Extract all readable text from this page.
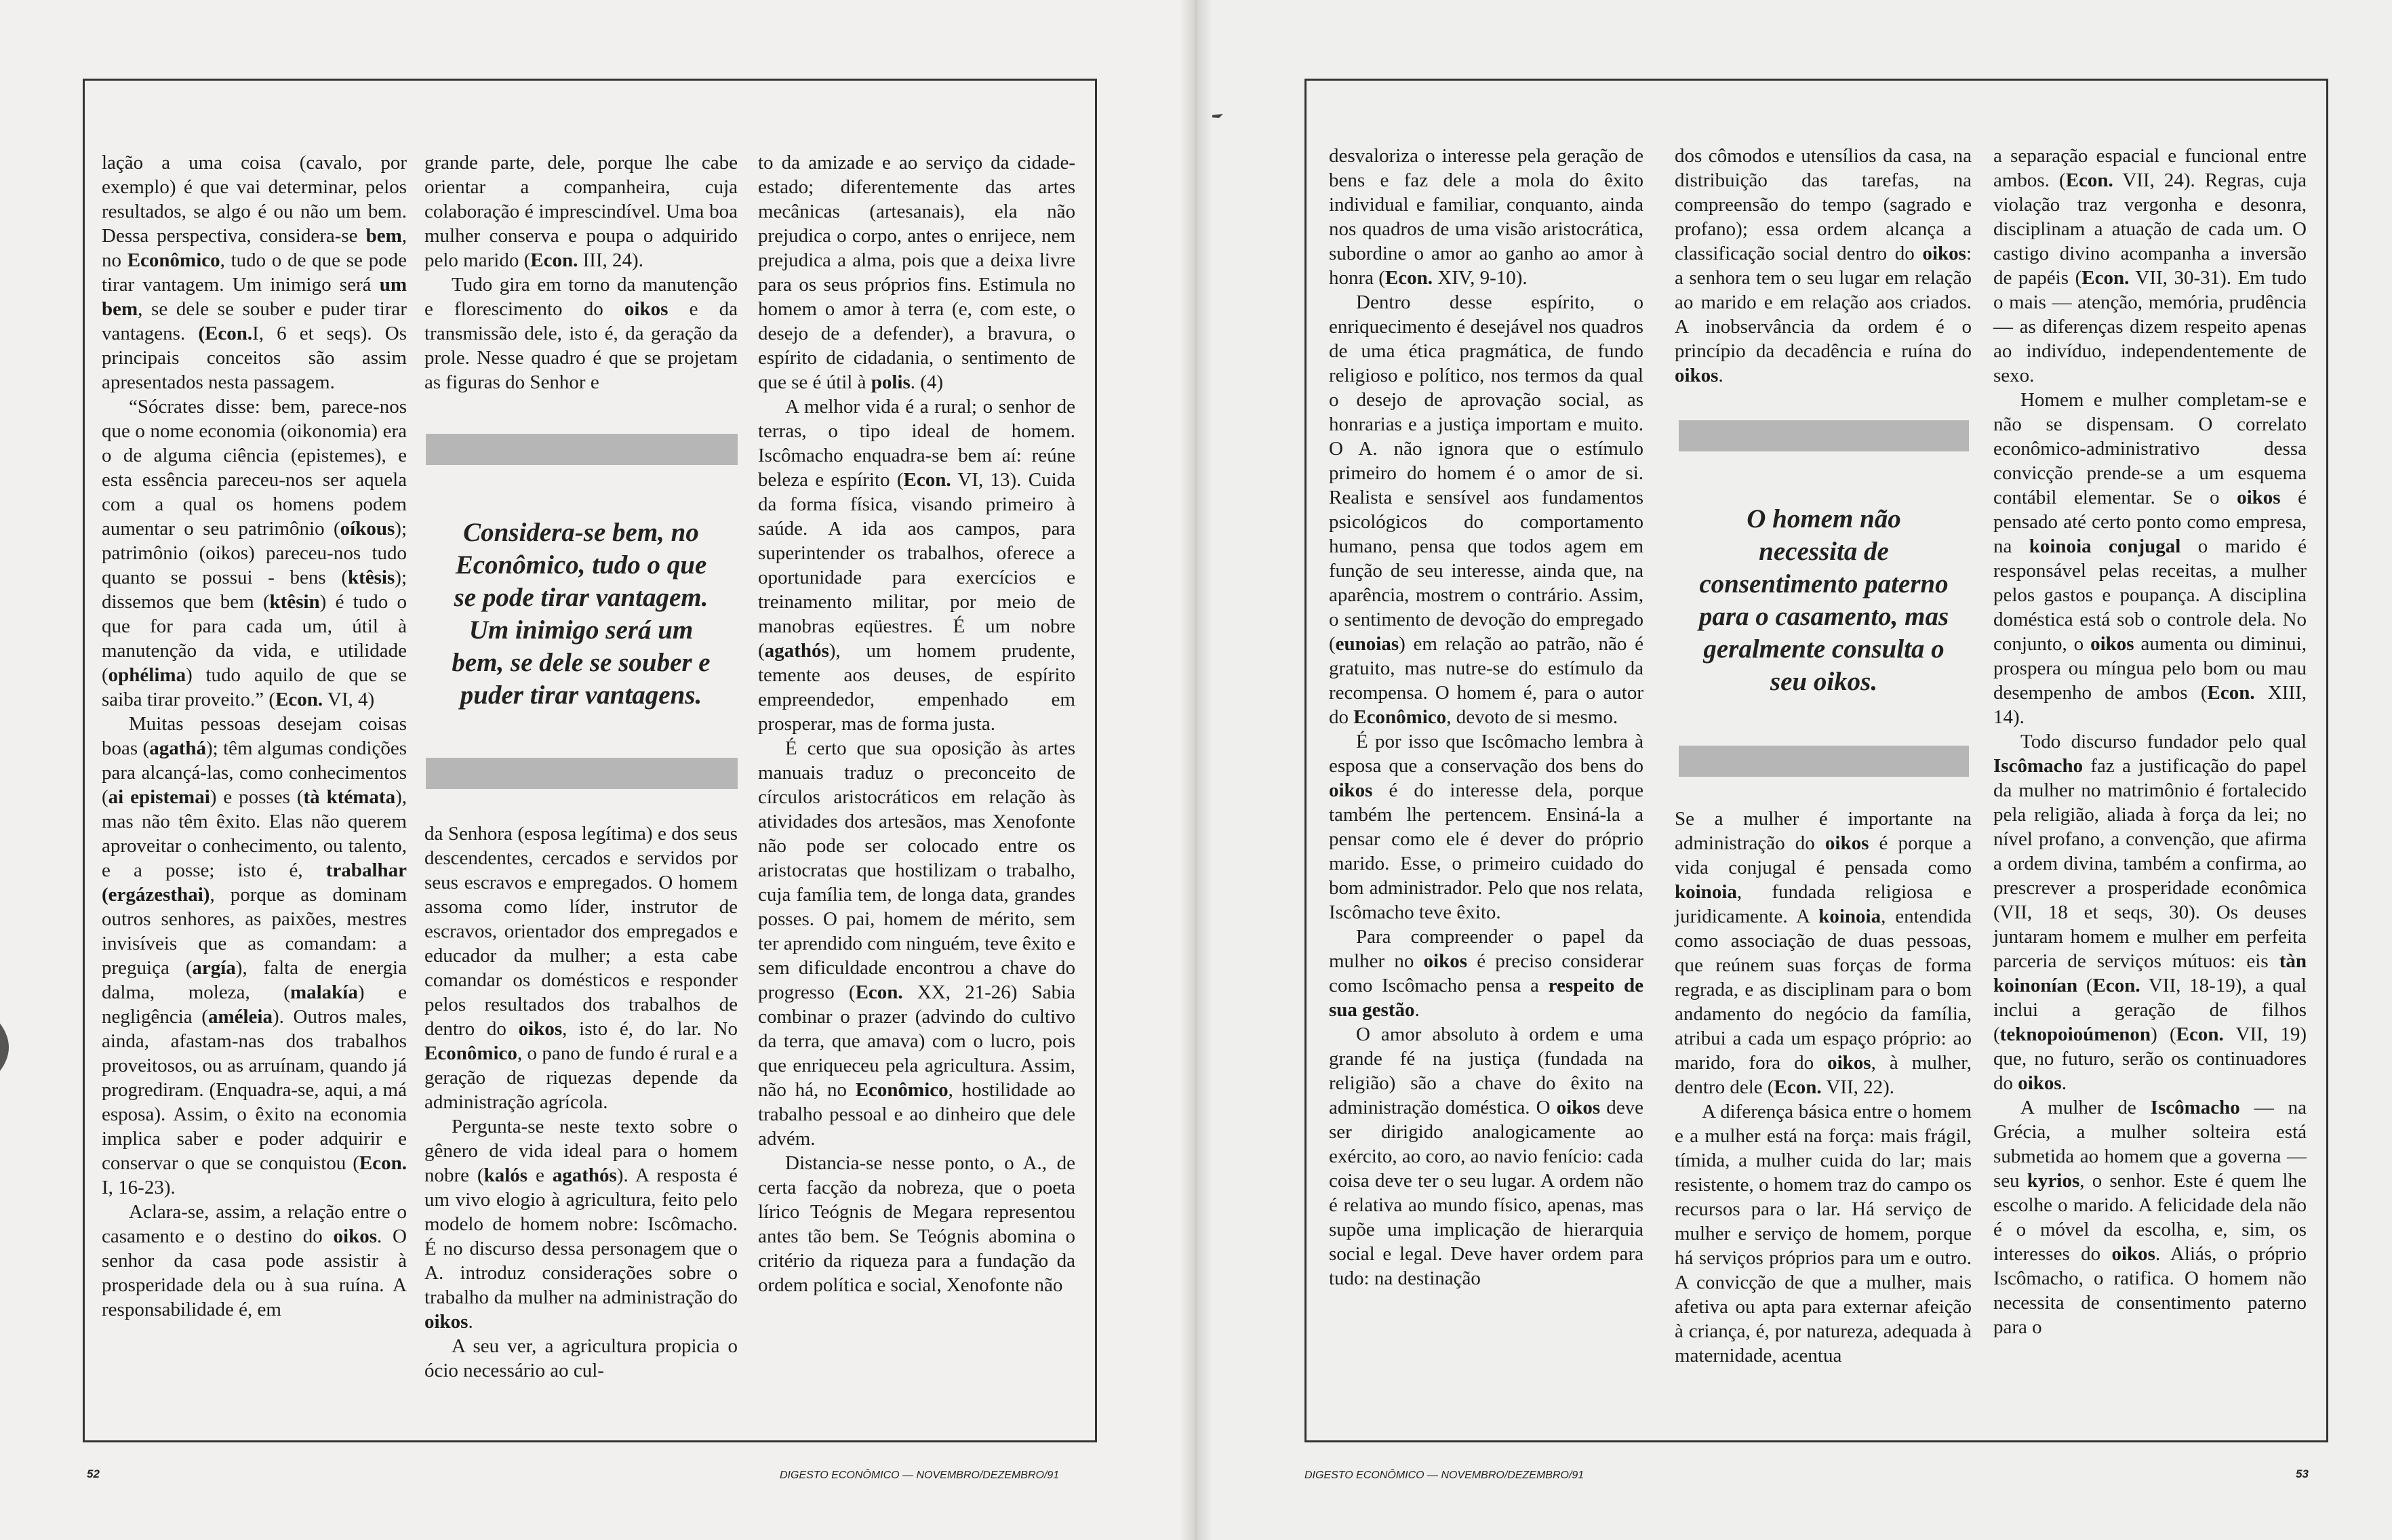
lação a uma coisa (cavalo, por exemplo) é que vai determinar, pelos resultados, se algo é ou não um bem. Dessa perspectiva, considera-se bem, no Econômico, tudo o de que se pode tirar vantagem. Um inimigo será um bem, se dele se souber e puder tirar vantagens. (Econ.I, 6 et seqs). Os principais conceitos são assim apresentados nesta passagem.

“Sócrates disse: bem, parece-nos que o nome economia (oikonomia) era o de alguma ciência (epistemes), e esta essência pareceu-nos ser aquela com a qual os homens podem aumentar o seu patrimônio (oíkous); patrimônio (oikos) pareceu-nos tudo quanto se possui - bens (ktêsis); dissemos que bem (ktêsin) é tudo o que for para cada um, útil à manutenção da vida, e utilidade (ophélima) tudo aquilo de que se saiba tirar proveito.” (Econ. VI, 4)

Muitas pessoas desejam coisas boas (agathá); têm algumas condições para alcançá-las, como conhecimentos (ai epistemai) e posses (tà ktémata), mas não têm êxito. Elas não querem aproveitar o conhecimento, ou talento, e a posse; isto é, trabalhar (ergázesthai), porque as dominam outros senhores, as paixões, mestres invisíveis que as comandam: a preguiça (argía), falta de energia dalma, moleza, (malakía) e negligência (améleia). Outros males, ainda, afastam-nas dos trabalhos proveitosos, ou as arruínam, quando já progrediram. (Enquadra-se, aqui, a má esposa). Assim, o êxito na economia implica saber e poder adquirir e conservar o que se conquistou (Econ. I, 16-23).

Aclara-se, assim, a relação entre o casamento e o destino do oikos. O senhor da casa pode assistir à prosperidade dela ou à sua ruína. A responsabilidade é, em

grande parte, dele, porque lhe cabe orientar a companheira, cuja colaboração é imprescindível. Uma boa mulher conserva e poupa o adquirido pelo marido (Econ. III, 24).

Tudo gira em torno da manutenção e florescimento do oikos e da transmissão dele, isto é, da geração da prole. Nesse quadro é que se projetam as figuras do Senhor e

Considera-se bem, no Econômico, tudo o que se pode tirar vantagem. Um inimigo será um bem, se dele se souber e puder tirar vantagens.

da Senhora (esposa legítima) e dos seus descendentes, cercados e servidos por seus escravos e empregados. O homem assoma como líder, instrutor de escravos, orientador dos empregados e educador da mulher; a esta cabe comandar os domésticos e responder pelos resultados dos trabalhos de dentro do oikos, isto é, do lar. No Econômico, o pano de fundo é rural e a geração de riquezas depende da administração agrícola.

Pergunta-se neste texto sobre o gênero de vida ideal para o homem nobre (kalós e agathós). A resposta é um vivo elogio à agricultura, feito pelo modelo de homem nobre: Iscômacho. É no discurso dessa personagem que o A. introduz considerações sobre o trabalho da mulher na administração do oikos.

A seu ver, a agricultura propicia o ócio necessário ao cul-

to da amizade e ao serviço da cidade-estado; diferentemente das artes mecânicas (artesanais), ela não prejudica o corpo, antes o enrijece, nem prejudica a alma, pois que a deixa livre para os seus próprios fins. Estimula no homem o amor à terra (e, com este, o desejo de a defender), a bravura, o espírito de cidadania, o sentimento de que se é útil à polis. (4)

A melhor vida é a rural; o senhor de terras, o tipo ideal de homem. Iscômacho enquadra-se bem aí: reúne beleza e espírito (Econ. VI, 13). Cuida da forma física, visando primeiro à saúde. A ida aos campos, para superintender os trabalhos, oferece a oportunidade para exercícios e treinamento militar, por meio de manobras eqüestres. É um nobre (agathós), um homem prudente, temente aos deuses, de espírito empreendedor, empenhado em prosperar, mas de forma justa.

É certo que sua oposição às artes manuais traduz o preconceito de círculos aristocráticos em relação às atividades dos artesãos, mas Xenofonte não pode ser colocado entre os aristocratas que hostilizam o trabalho, cuja família tem, de longa data, grandes posses. O pai, homem de mérito, sem ter aprendido com ninguém, teve êxito e sem dificuldade encontrou a chave do progresso (Econ. XX, 21-26) Sabia combinar o prazer (advindo do cultivo da terra, que amava) com o lucro, pois que enriqueceu pela agricultura. Assim, não há, no Econômico, hostilidade ao trabalho pessoal e ao dinheiro que dele advém.

Distancia-se nesse ponto, o A., de certa facção da nobreza, que o poeta lírico Teógnis de Megara representou antes tão bem. Se Teógnis abomina o critério da riqueza para a fundação da ordem política e social, Xenofonte não

52	DIGESTO ECONÔMICO — NOVEMBRO/DEZEMBRO/91

desvaloriza o interesse pela geração de bens e faz dele a mola do êxito individual e familiar, conquanto, ainda nos quadros de uma visão aristocrática, subordine o amor ao ganho ao amor à honra (Econ. XIV, 9-10).

Dentro desse espírito, o enriquecimento é desejável nos quadros de uma ética pragmática, de fundo religioso e político, nos termos da qual o desejo de aprovação social, as honrarias e a justiça importam e muito. O A. não ignora que o estímulo primeiro do homem é o amor de si. Realista e sensível aos fundamentos psicológicos do comportamento humano, pensa que todos agem em função de seu interesse, ainda que, na aparência, mostrem o contrário. Assim, o sentimento de devoção do empregado (eunoias) em relação ao patrão, não é gratuito, mas nutre-se do estímulo da recompensa. O homem é, para o autor do Econômico, devoto de si mesmo.

É por isso que Iscômacho lembra à esposa que a conservação dos bens do oikos é do interesse dela, porque também lhe pertencem. Ensiná-la a pensar como ele é dever do próprio marido. Esse, o primeiro cuidado do bom administrador. Pelo que nos relata, Iscômacho teve êxito.

Para compreender o papel da mulher no oikos é preciso considerar como Iscômacho pensa a respeito de sua gestão.

O amor absoluto à ordem e uma grande fé na justiça (fundada na religião) são a chave do êxito na administração doméstica. O oikos deve ser dirigido analogicamente ao exército, ao coro, ao navio fenício: cada coisa deve ter o seu lugar. A ordem não é relativa ao mundo físico, apenas, mas supõe uma implicação de hierarquia social e legal. Deve haver ordem para tudo: na destinação

dos cômodos e utensílios da casa, na distribuição das tarefas, na compreensão do tempo (sagrado e profano); essa ordem alcança a classificação social dentro do oikos: a senhora tem o seu lugar em relação ao marido e em relação aos criados. A inobservância da ordem é o princípio da decadência e ruína do oikos.

O homem não necessita de consentimento paterno para o casamento, mas geralmente consulta o seu oikos.

Se a mulher é importante na administração do oikos é porque a vida conjugal é pensada como koinoia, fundada religiosa e juridicamente. A koinoia, entendida como associação de duas pessoas, que reúnem suas forças de forma regrada, e as disciplinam para o bom andamento do negócio da família, atribui a cada um espaço próprio: ao marido, fora do oikos, à mulher, dentro dele (Econ. VII, 22).

A diferença básica entre o homem e a mulher está na força: mais frágil, tímida, a mulher cuida do lar; mais resistente, o homem traz do campo os recursos para o lar. Há serviço de mulher e serviço de homem, porque há serviços próprios para um e outro. A convicção de que a mulher, mais afetiva ou apta para externar afeição à criança, é, por natureza, adequada à maternidade, acentua

a separação espacial e funcional entre ambos. (Econ. VII, 24). Regras, cuja violação traz vergonha e desonra, disciplinam a atuação de cada um. O castigo divino acompanha a inversão de papéis (Econ. VII, 30-31). Em tudo o mais — atenção, memória, prudência — as diferenças dizem respeito apenas ao indivíduo, independentemente de sexo.

Homem e mulher completam-se e não se dispensam. O correlato econômico-administrativo dessa convicção prende-se a um esquema contábil elementar. Se o oikos é pensado até certo ponto como empresa, na koinoia conjugal o marido é responsável pelas receitas, a mulher pelos gastos e poupança. A disciplina doméstica está sob o controle dela. No conjunto, o oikos aumenta ou diminui, prospera ou míngua pelo bom ou mau desempenho de ambos (Econ. XIII, 14).

Todo discurso fundador pelo qual Iscômacho faz a justificação do papel da mulher no matrimônio é fortalecido pela religião, aliada à força da lei; no nível profano, a convenção, que afirma a ordem divina, também a confirma, ao prescrever a prosperidade econômica (VII, 18 et seqs, 30). Os deuses juntaram homem e mulher em perfeita parceria de serviços mútuos: eis tàn koinonían (Econ. VII, 18-19), a qual inclui a geração de filhos (teknopoioúmenon) (Econ. VII, 19) que, no futuro, serão os continuadores do oikos.

A mulher de Iscômacho — na Grécia, a mulher solteira está submetida ao homem que a governa — seu kyrios, o senhor. Este é quem lhe escolhe o marido. A felicidade dela não é o móvel da escolha, e, sim, os interesses do oikos. Aliás, o próprio Iscômacho, o ratifica. O homem não necessita de consentimento paterno para o

DIGESTO ECONÔMICO — NOVEMBRO/DEZEMBRO/91	53
